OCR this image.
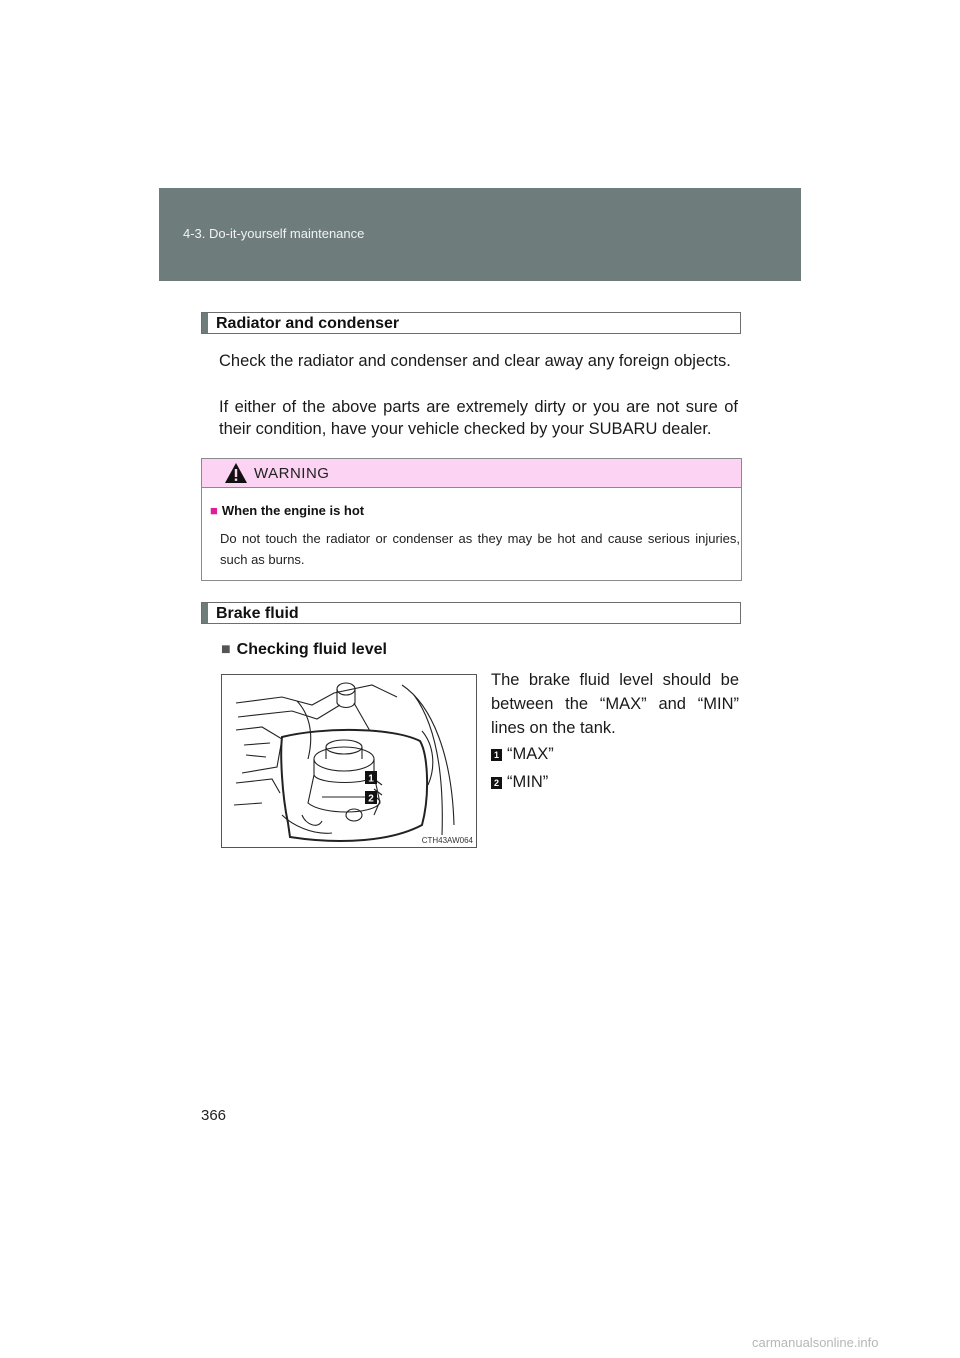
4-3. Do-it-yourself maintenance
Radiator and condenser
Check the radiator and condenser and clear away any foreign objects.
If either of the above parts are extremely dirty or you are not sure of their condition, have your vehicle checked by your SUBARU dealer.
WARNING
■ When the engine is hot
Do not touch the radiator or condenser as they may be hot and cause serious injuries, such as burns.
Brake fluid
■ Checking fluid level
1
2
CTH43AW064
The brake fluid level should be between the “MAX” and “MIN” lines on the tank.
1 “MAX”
2 “MIN”
366
carmanualsonline.info
